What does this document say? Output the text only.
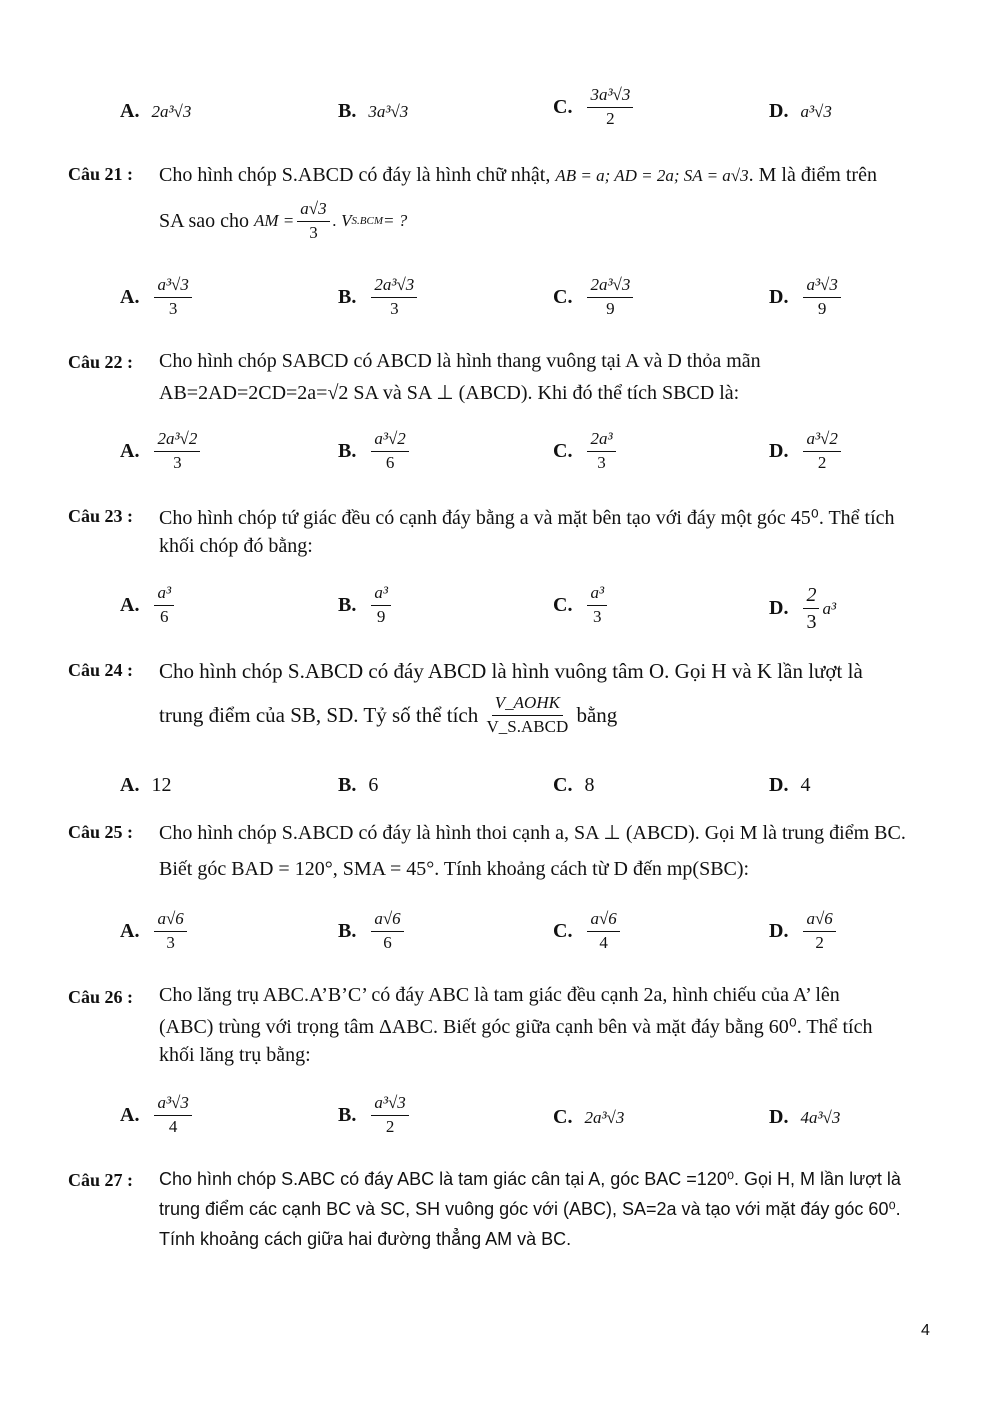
A. 2a³√3	B. 3a³√3	C. $\frac{\text{3a³√3}}{2}$	D. a³√3
Câu 21 : Cho hình chóp S.ABCD có đáy là hình chữ nhật, AB = a; AD = 2a; SA = a√3. M là điểm trên
SA sao cho
AM = $\frac{a√3}{3}$ . V S.BCM = ?
A. $\frac{\text{a³√3}}{3}$	B. $\frac{\text{2a³√3}}{3}$	C. $\frac{\text{2a³√3}}{9}$	D. $\frac{\text{a³√3}}{9}$
Câu 22 : Cho hình chóp SABCD có ABCD là hình thang vuông tại A và D thỏa mãn
AB=2AD=2CD=2a=√2 SA và SA ⊥ (ABCD). Khi đó thể tích SBCD là:
A. $\frac{\text{2a³√2}}{3}$	B. $\frac{\text{a³√2}}{6}$	C. $\frac{\text{2a³}}{3}$	D. $\frac{\text{a³√2}}{2}$
Câu 23 : Cho hình chóp tứ giác đều có cạnh đáy bằng a và mặt bên tạo với đáy một góc 45⁰. Thể tích
khối chóp đó bằng:
A. $\frac{\text{a³}}{6}$	B. $\frac{\text{a³}}{9}$	C. $\frac{\text{a³}}{3}$	D. $\frac{2}{3} a^3$
Câu 24 : Cho hình chóp S.ABCD có đáy ABCD là hình vuông tâm O. Gọi H và K lần lượt là
trung điểm của SB, SD. Tỷ số thể tích
$\frac{\text{V\_AOHK}}{\text{V\_S.ABCD}}$
bằng
A. 12	B. 6	C. 8	D. 4
Câu 25 : Cho hình chóp S.ABCD có đáy là hình thoi cạnh a, SA ⊥ (ABCD). Gọi M là trung điểm BC.
Biết góc BAD = 120°, SMA = 45°. Tính khoảng cách từ D đến mp(SBC):
A. $\frac{a√6}{3}$	B. $\frac{a√6}{6}$	C. $\frac{a√6}{4}$	D. $\frac{a√6}{2}$
Câu 26 : Cho lăng trụ ABC.A’B’C’ có đáy ABC là tam giác đều cạnh 2a, hình chiếu của A’ lên
(ABC) trùng với trọng tâm ΔABC. Biết góc giữa cạnh bên và mặt đáy bằng 60⁰. Thể tích
khối lăng trụ bằng:
A. $\frac{\text{a³√3}}{4}$	B. $\frac{\text{a³√3}}{2}$	C. 2a³√3	D. 4a³√3
Câu 27 : Cho hình chóp S.ABC có đáy ABC là tam giác cân tại A, góc BAC =120⁰. Gọi H, M lần lượt là
trung điểm các cạnh BC và SC, SH vuông góc với (ABC), SA=2a và tạo với mặt đáy góc 60⁰.
Tính khoảng cách giữa hai đường thẳng AM và BC.
4
